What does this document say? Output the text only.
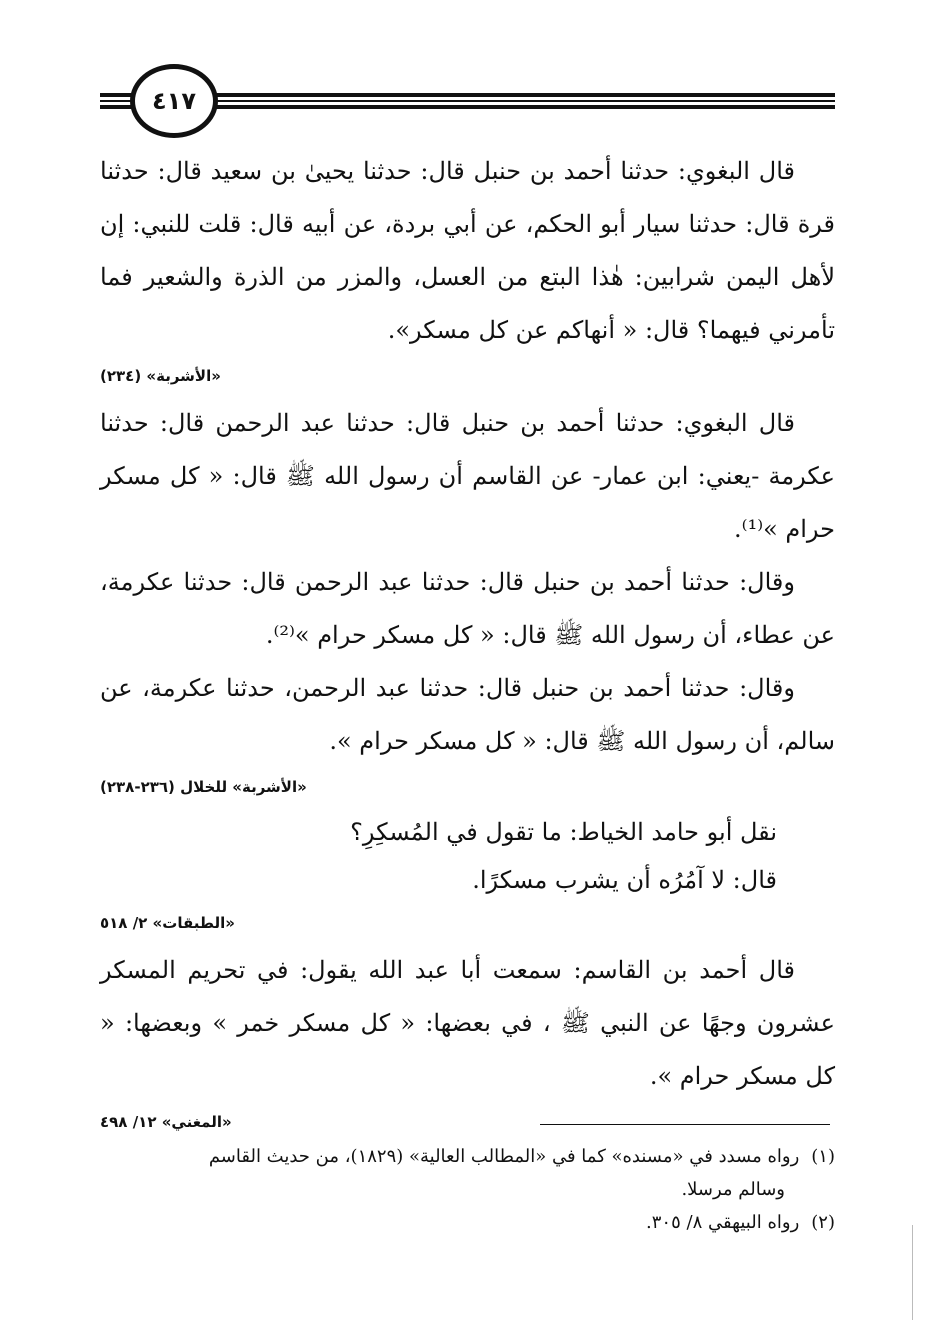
٤١٧

قال البغوي: حدثنا أحمد بن حنبل قال: حدثنا يحيىٰ بن سعيد قال: حدثنا قرة قال: حدثنا سيار أبو الحكم، عن أبي بردة، عن أبيه قال: قلت للنبي: إن لأهل اليمن شرابين: هٰذا البتع من العسل، والمزر من الذرة والشعير فما تأمرني فيهما؟ قال: « أنهاكم عن كل مسكر».

«الأشربة» (٢٣٤)

قال البغوي: حدثنا أحمد بن حنبل قال: حدثنا عبد الرحمن قال: حدثنا عكرمة -يعني: ابن عمار- عن القاسم أن رسول الله ﷺ قال: « كل مسكر حرام »⁽¹⁾.

وقال: حدثنا أحمد بن حنبل قال: حدثنا عبد الرحمن قال: حدثنا عكرمة، عن عطاء، أن رسول الله ﷺ قال: « كل مسكر حرام »⁽²⁾.

وقال: حدثنا أحمد بن حنبل قال: حدثنا عبد الرحمن، حدثنا عكرمة، عن سالم، أن رسول الله ﷺ قال: « كل مسكر حرام ».

«الأشربة» للخلال (٢٣٦-٢٣٨)

نقل أبو حامد الخياط: ما تقول في المُسكِرِ؟

قال: لا آمُرُه أن يشرب مسكرًا.

«الطبقات» ٢/ ٥١٨

قال أحمد بن القاسم: سمعت أبا عبد الله يقول: في تحريم المسكر عشرون وجهًا عن النبي ﷺ ، في بعضها: « كل مسكر خمر » وبعضها: « كل مسكر حرام ».

«المغني» ١٢/ ٤٩٨

(١)رواه مسدد في «مسنده» كما في «المطالب العالية» (١٨٢٩)، من حديث القاسم

وسالم مرسلا.

(٢)رواه البيهقي ٨/ ٣٠٥.
